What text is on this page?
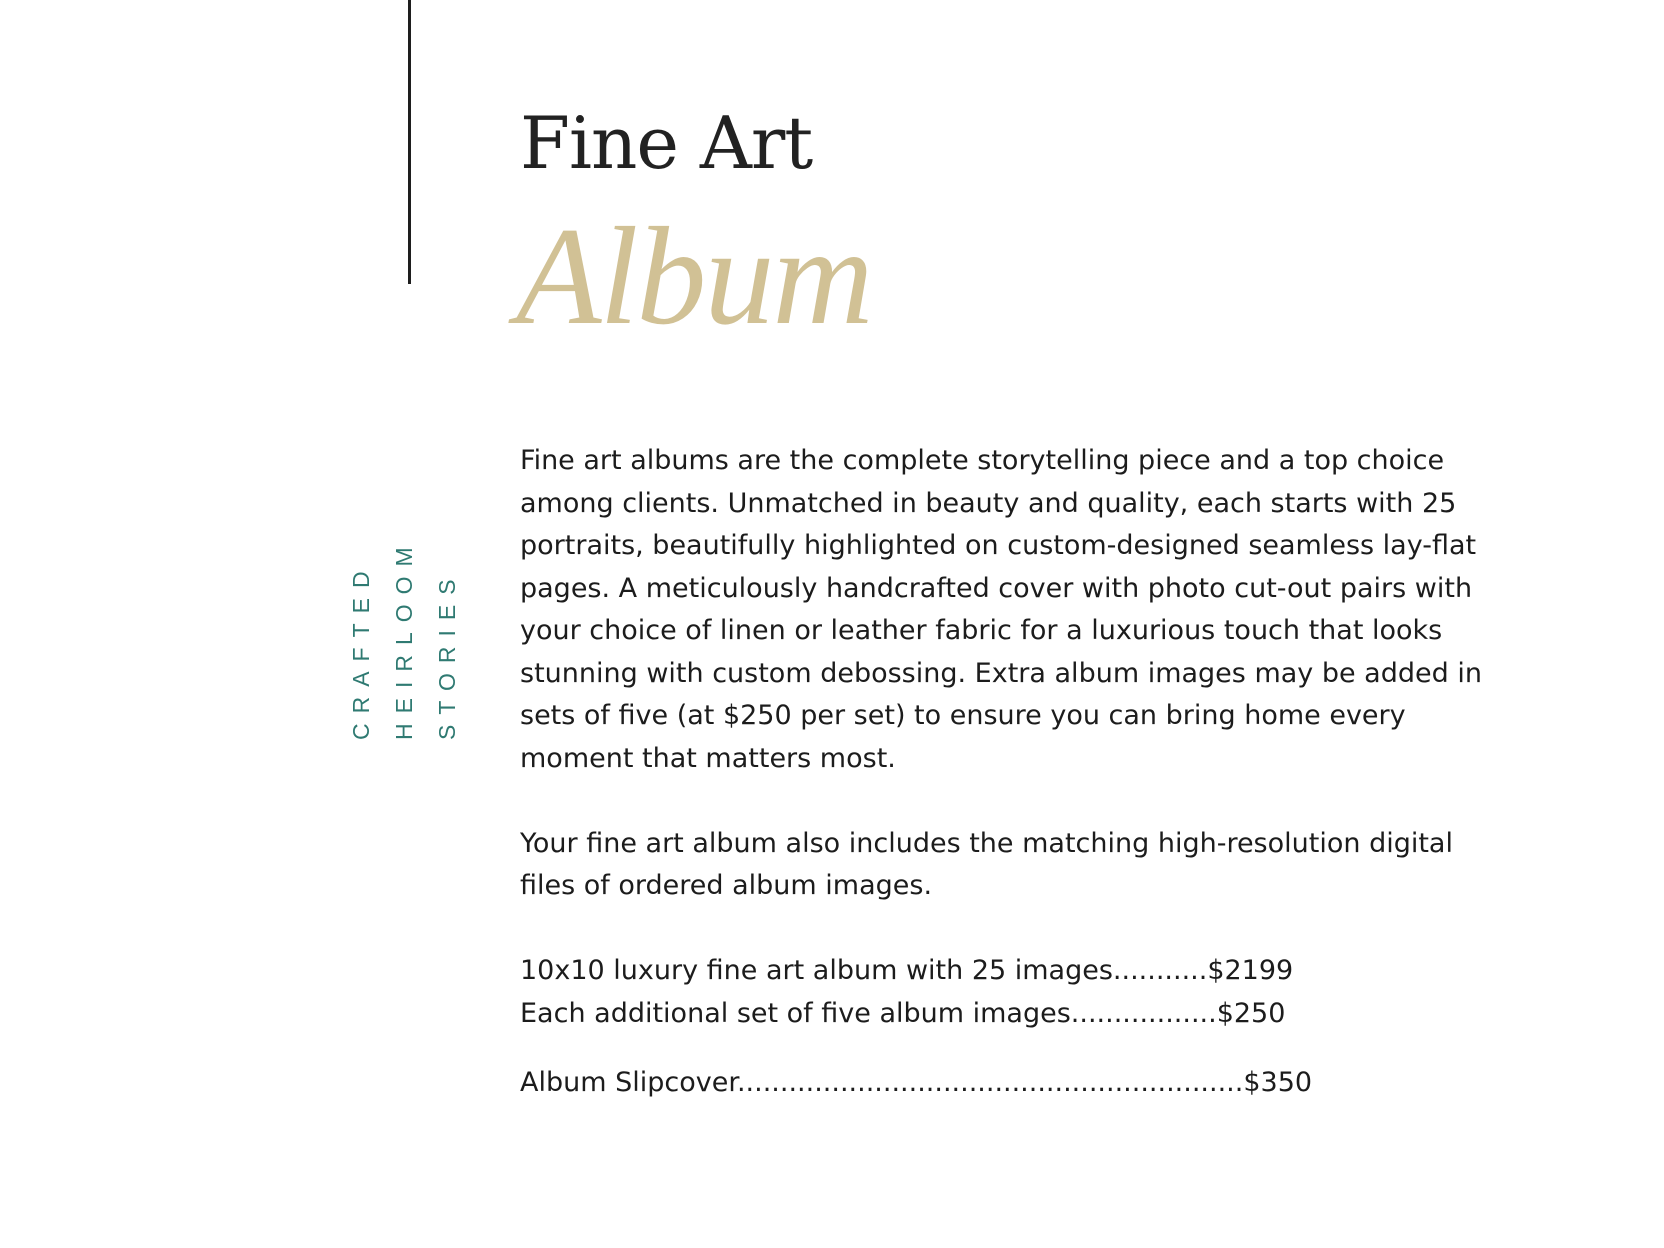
CRAFTED HEIRLOOM STORIES
Fine Art
Album

Fine art albums are the complete storytelling piece and a top choice among clients. Unmatched in beauty and quality, each starts with 25 portraits, beautifully highlighted on custom-designed seamless lay-flat pages. A meticulously handcrafted cover with photo cut-out pairs with your choice of linen or leather fabric for a luxurious touch that looks stunning with custom debossing. Extra album images may be added in sets of five (at $250 per set) to ensure you can bring home every moment that matters most.

Your fine art album also includes the matching high-resolution digital files of ordered album images.

10x10 luxury fine art album with 25 images...........$2199
Each additional set of five album images.................$250
Album Slipcover...........................................................$350
